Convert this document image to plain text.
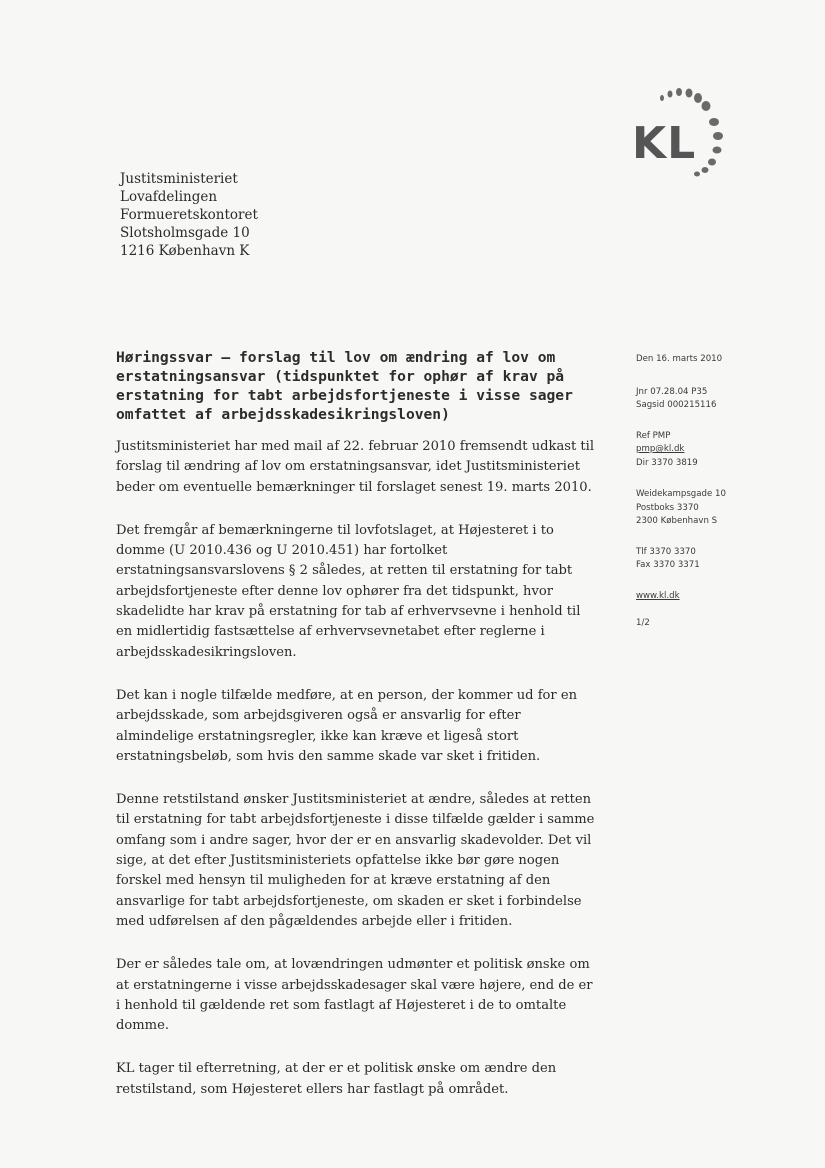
KL
Justitsministeriet
Lovafdelingen
Formueretskontoret
Slotsholmsgade 10
1216 København K
Høringssvar – forslag til lov om ændring af lov om erstatningsansvar (tidspunktet for ophør af krav på erstatning for tabt arbejdsfortjeneste i visse sager omfattet af arbejdsskadesikringsloven)

Justitsministeriet har med mail af 22. februar 2010 fremsendt udkast til forslag til ændring af lov om erstatningsansvar, idet Justitsministeriet beder om eventuelle bemærkninger til forslaget senest 19. marts 2010.

Det fremgår af bemærkningerne til lovfotslaget, at Højesteret i to domme (U 2010.436 og U 2010.451) har fortolket erstatningsansvarslovens § 2 således, at retten til erstatning for tabt arbejdsfortjeneste efter denne lov ophører fra det tidspunkt, hvor skadelidte har krav på erstatning for tab af erhvervsevne i henhold til en midlertidig fastsættelse af erhvervsevnetabet efter reglerne i arbejdsskadesikringsloven.

Det kan i nogle tilfælde medføre, at en person, der kommer ud for en arbejdsskade, som arbejdsgiveren også er ansvarlig for efter almindelige erstatningsregler, ikke kan kræve et ligeså stort erstatningsbeløb, som hvis den samme skade var sket i fritiden.

Denne retstilstand ønsker Justitsministeriet at ændre, således at retten til erstatning for tabt arbejdsfortjeneste i disse tilfælde gælder i samme omfang som i andre sager, hvor der er en ansvarlig skadevolder. Det vil sige, at det efter Justitsministeriets opfattelse ikke bør gøre nogen forskel med hensyn til muligheden for at kræve erstatning af den ansvarlige for tabt arbejdsfortjeneste, om skaden er sket i forbindelse med udførelsen af den pågældendes arbejde eller i fritiden.

Der er således tale om, at lovændringen udmønter et politisk ønske om at erstatningerne i visse arbejdsskadesager skal være højere, end de er i henhold til gældende ret som fastlagt af Højesteret i de to omtalte domme.

KL tager til efterretning, at der er et politisk ønske om ændre den retstilstand, som Højesteret ellers har fastlagt på området.

Den 16. marts 2010
Jnr 07.28.04 P35
Sagsid 000215116
Ref PMP
pmp@kl.dk
Dir 3370 3819
Weidekampsgade 10
Postboks 3370
2300 København S
Tlf 3370 3370
Fax 3370 3371
www.kl.dk
1/2
